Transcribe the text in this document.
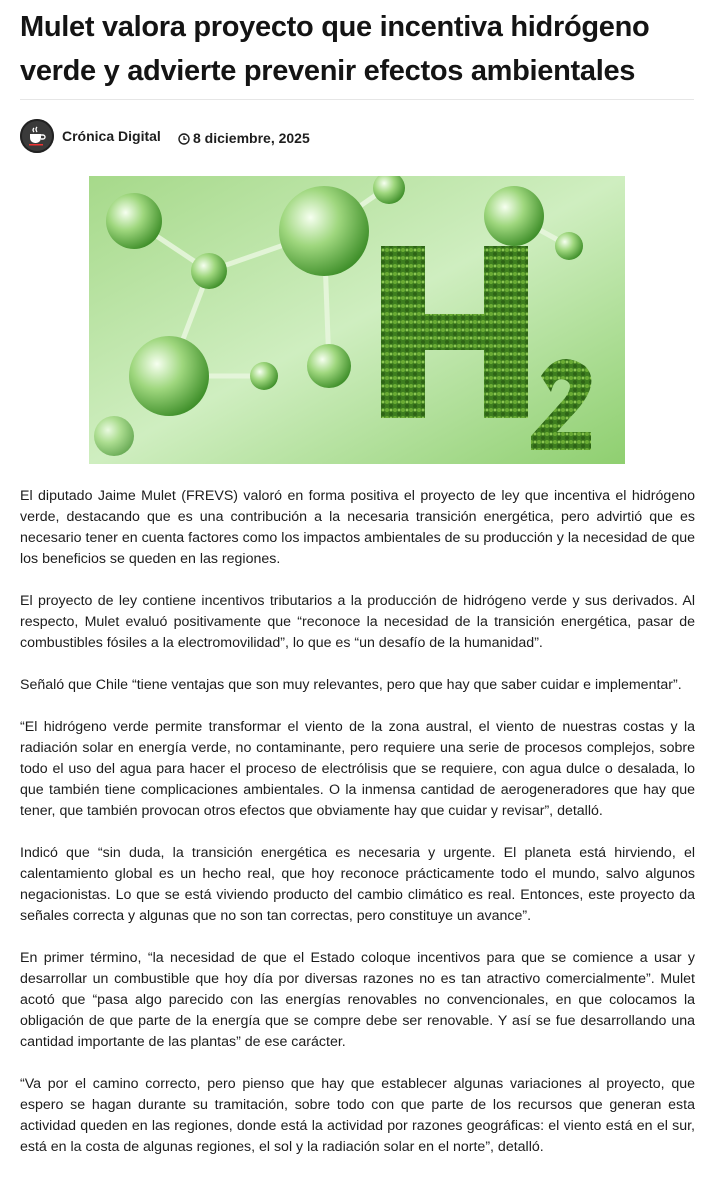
Mulet valora proyecto que incentiva hidrógeno verde y advierte prevenir efectos ambientales
Crónica Digital	8 diciembre, 2025

El diputado Jaime Mulet (FREVS) valoró en forma positiva el proyecto de ley que incentiva el hidrógeno verde, destacando que es una contribución a la necesaria transición energética, pero advirtió que es necesario tener en cuenta factores como los impactos ambientales de su producción y la necesidad de que los beneficios se queden en las regiones.

El proyecto de ley contiene incentivos tributarios a la producción de hidrógeno verde y sus derivados. Al respecto, Mulet evaluó positivamente que “reconoce la necesidad de la transición energética, pasar de combustibles fósiles a la electromovilidad”, lo que es “un desafío de la humanidad”.

Señaló que Chile “tiene ventajas que son muy relevantes, pero que hay que saber cuidar e implementar”.

“El hidrógeno verde permite transformar el viento de la zona austral, el viento de nuestras costas y la radiación solar en energía verde, no contaminante, pero requiere una serie de procesos complejos, sobre todo el uso del agua para hacer el proceso de electrólisis que se requiere, con agua dulce o desalada, lo que también tiene complicaciones ambientales. O la inmensa cantidad de aerogeneradores que hay que tener, que también provocan otros efectos que obviamente hay que cuidar y revisar”, detalló.

Indicó que “sin duda, la transición energética es necesaria y urgente. El planeta está hirviendo, el calentamiento global es un hecho real, que hoy reconoce prácticamente todo el mundo, salvo algunos negacionistas. Lo que se está viviendo producto del cambio climático es real. Entonces, este proyecto da señales correcta y algunas que no son tan correctas, pero constituye un avance”.

En primer término, “la necesidad de que el Estado coloque incentivos para que se comience a usar y desarrollar un combustible que hoy día por diversas razones no es tan atractivo comercialmente”. Mulet acotó que “pasa algo parecido con las energías renovables no convencionales, en que colocamos la obligación de que parte de la energía que se compre debe ser renovable. Y así se fue desarrollando una cantidad importante de las plantas” de ese carácter.

“Va por el camino correcto, pero pienso que hay que establecer algunas variaciones al proyecto, que espero se hagan durante su tramitación, sobre todo con que parte de los recursos que generan esta actividad queden en las regiones, donde está la actividad por razones geográficas: el viento está en el sur, está en la costa de algunas regiones, el sol y la radiación solar en el norte”, detalló.
